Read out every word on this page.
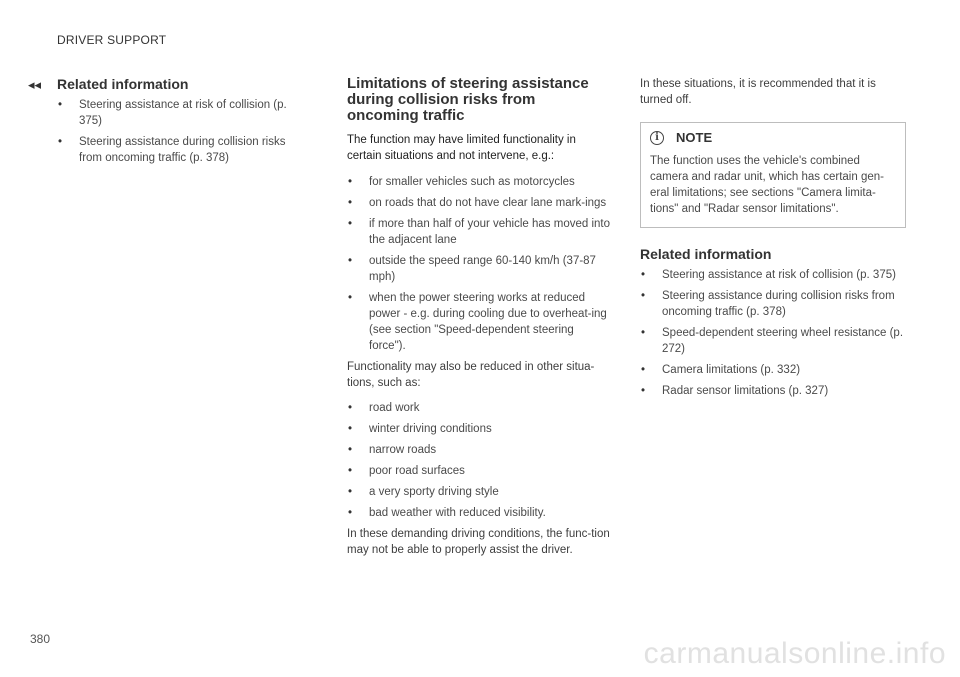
DRIVER SUPPORT
◂◂ Related information
• Steering assistance at risk of collision (p. 375)
• Steering assistance during collision risks from oncoming traffic (p. 378)
Limitations of steering assistance during collision risks from oncoming traffic

The function may have limited functionality in certain situations and not intervene, e.g.:

• for smaller vehicles such as motorcycles
• on roads that do not have clear lane mark-ings
• if more than half of your vehicle has moved into the adjacent lane
• outside the speed range 60-140 km/h (37-87 mph)
• when the power steering works at reduced power - e.g. during cooling due to overheat-ing (see section "Speed-dependent steering force").

Functionality may also be reduced in other situa-tions, such as:

• road work
• winter driving conditions
• narrow roads
• poor road surfaces
• a very sporty driving style
• bad weather with reduced visibility.

In these demanding driving conditions, the func-tion may not be able to properly assist the driver.

In these situations, it is recommended that it is turned off.

i	NOTE

The function uses the vehicle's combined camera and radar unit, which has certain gen-eral limitations; see sections "Camera limita-tions" and "Radar sensor limitations".

Related information
• Steering assistance at risk of collision (p. 375)
• Steering assistance during collision risks from oncoming traffic (p. 378)
• Speed-dependent steering wheel resistance (p. 272)
• Camera limitations (p. 332)
• Radar sensor limitations (p. 327)
380	carmanualsonline.info
